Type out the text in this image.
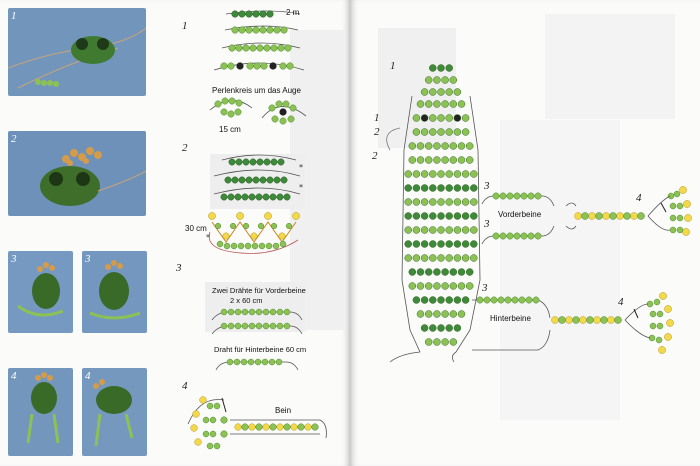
1
2
3	3
4	4
*
*
*
1
2
3
4
2 m
Perlenkreis um das Auge
15 cm
30 cm
Zwei Drähte für Vorderbeine
2 x 60 cm
Draht für Hinterbeine 60 cm
Bein
1
1
2
2
3
3
3
4
4
Vorderbeine
Hinterbeine
